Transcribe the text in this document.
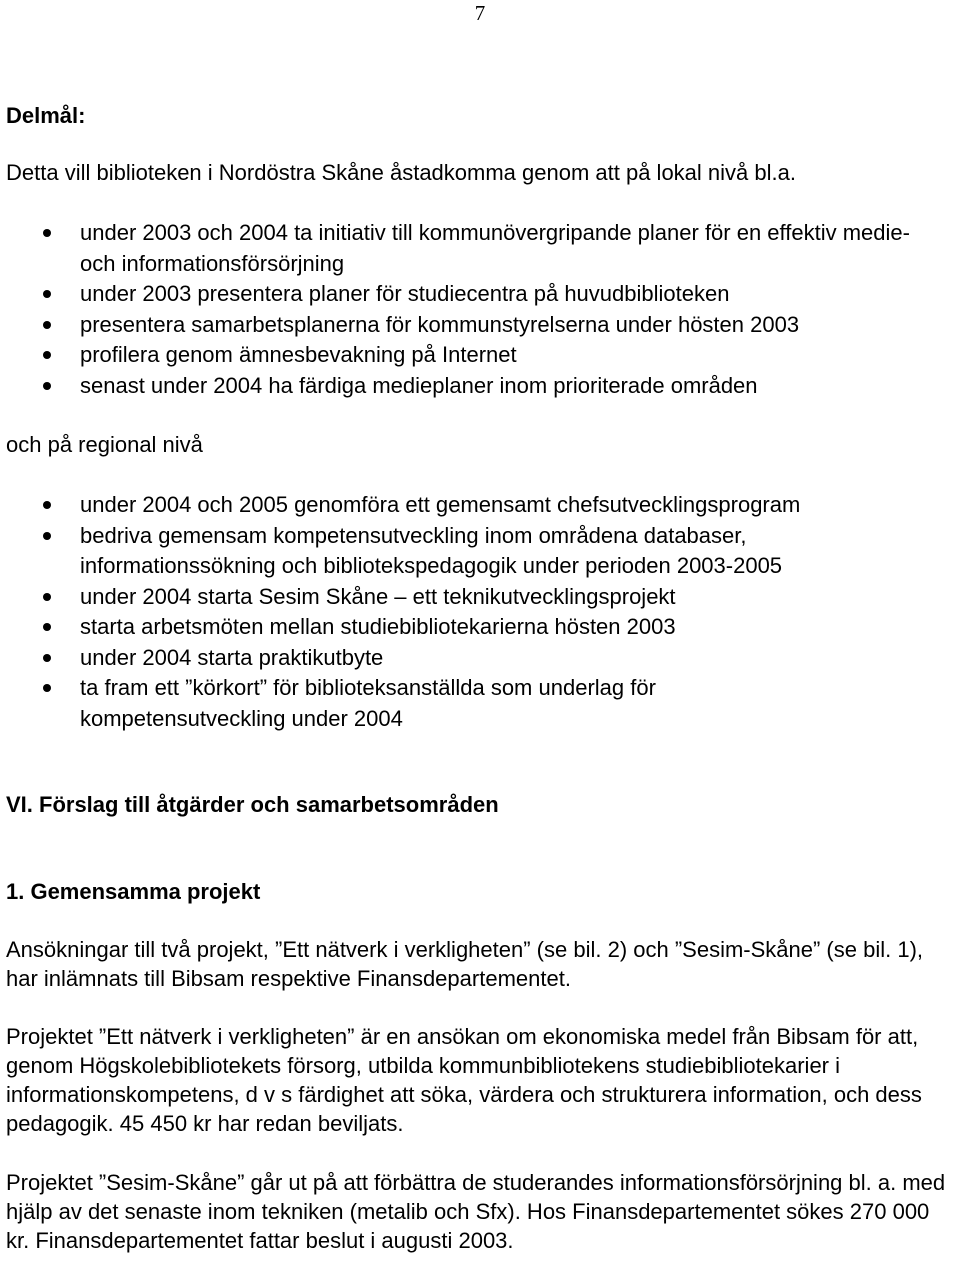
7
Delmål:
Detta vill biblioteken i Nordöstra Skåne åstadkomma genom att på lokal nivå bl.a.
under 2003 och 2004 ta initiativ till kommunövergripande planer för en effektiv medie- och informationsförsörjning
under 2003 presentera planer för studiecentra på huvudbiblioteken
presentera samarbetsplanerna för kommunstyrelserna under hösten 2003
profilera genom ämnesbevakning på Internet
senast under 2004 ha färdiga medieplaner inom prioriterade områden
och på regional nivå
under 2004 och 2005 genomföra ett gemensamt chefsutvecklingsprogram
bedriva gemensam kompetensutveckling inom områdena databaser, informationssökning och bibliotekspedagogik under perioden 2003-2005
under 2004 starta Sesim Skåne – ett teknikutvecklingsprojekt
starta arbetsmöten mellan studiebibliotekarierna hösten 2003
under 2004 starta praktikutbyte
ta fram ett ”körkort” för biblioteksanställda som underlag för kompetensutveckling under 2004
VI. Förslag till åtgärder och samarbetsområden
1. Gemensamma projekt

Ansökningar till två projekt, ”Ett nätverk i verkligheten” (se bil. 2) och ”Sesim-Skåne” (se bil. 1), har inlämnats till Bibsam respektive Finansdepartementet.

Projektet ”Ett nätverk i verkligheten” är en ansökan om ekonomiska medel från Bibsam för att, genom Högskolebibliotekets försorg, utbilda kommunbibliotekens studiebibliotekarier i informationskompetens, d v s färdighet att söka, värdera och strukturera information, och dess pedagogik. 45 450 kr har redan beviljats.

Projektet ”Sesim-Skåne” går ut på att förbättra de studerandes informationsförsörjning bl. a. med hjälp av det senaste inom tekniken (metalib och Sfx). Hos Finansdepartementet sökes 270 000 kr. Finansdepartementet fattar beslut i augusti 2003.
